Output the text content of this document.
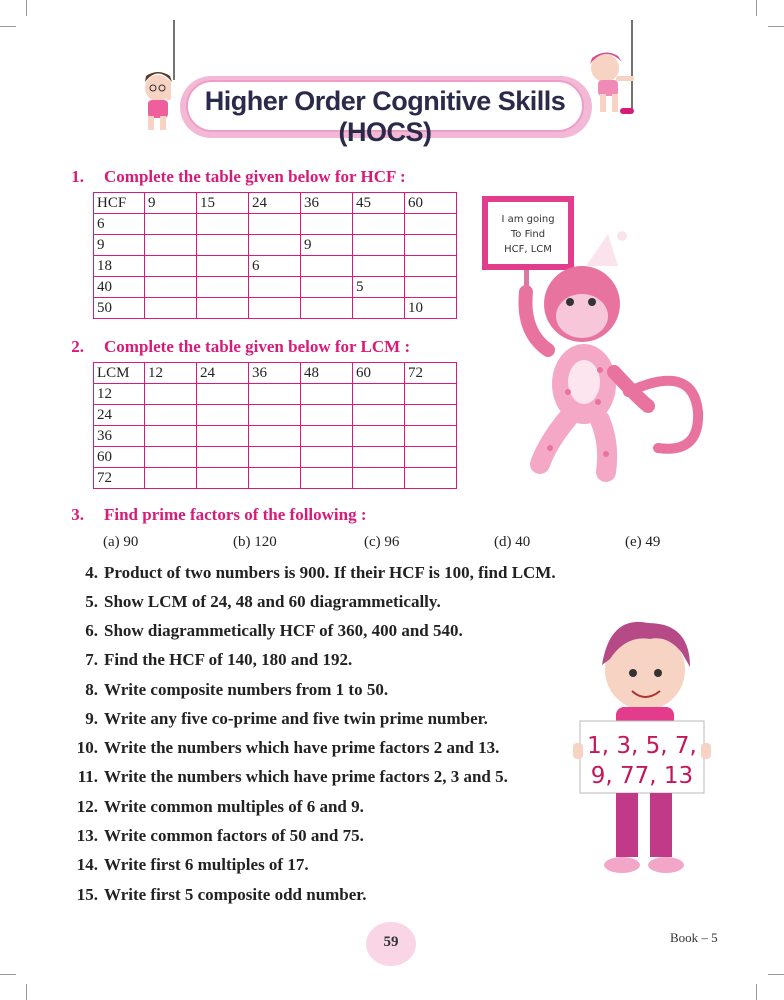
Higher Order Cognitive Skills (HOCS)
1. Complete the table given below for HCF :
HCF	9	15	24	36	45	60
6						
9				9		
18			6			
40					5	
50						10
2. Complete the table given below for LCM :
LCM	12	24	36	48	60	72
12						
24						
36						
60						
72						
3. Find prime factors of the following :
(a) 90	(b) 120	(c) 96	(d) 40	(e) 49
4. Product of two numbers is 900. If their HCF is 100, find LCM.
5. Show LCM of 24, 48 and 60 diagrammetically.
6. Show diagrammetically HCF of 360, 400 and 540.
7. Find the HCF of 140, 180 and 192.
8. Write composite numbers from 1 to 50.
9. Write any five co-prime and five twin prime number.
10. Write the numbers which have prime factors 2 and 13.
11. Write the numbers which have prime factors 2, 3 and 5.
12. Write common multiples of 6 and 9.
13. Write common factors of 50 and 75.
14. Write first 6 multiples of 17.
15. Write first 5 composite odd number.
I am going
To Find
HCF, LCM
1, 3, 5, 7,
9, 77, 13
59	Book – 5
